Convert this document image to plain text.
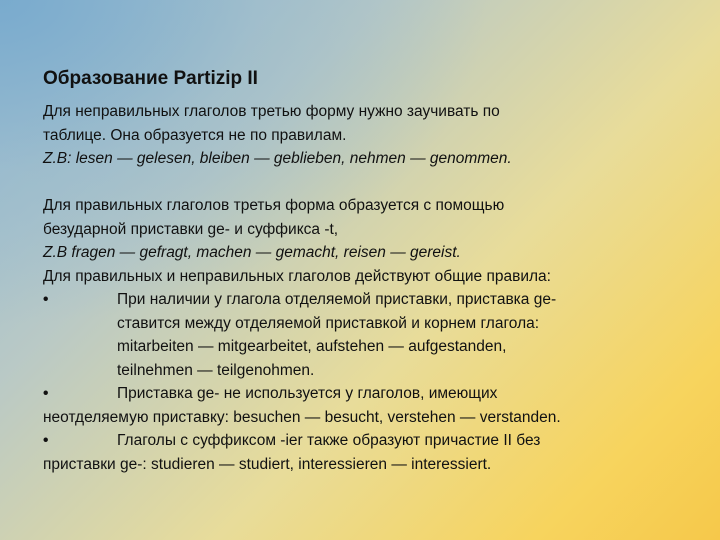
Образование Partizip II

Для неправильных глаголов третью форму нужно заучивать по

таблице. Она образуется не по правилам.

Z.B: lesen — gelesen, bleiben — geblieben, nehmen — genommen.

Для правильных глаголов третья форма образуется с помощью

безударной приставки ge- и суффикса -t,

Z.B fragen — gefragt, machen — gemacht, reisen — gereist.

Для правильных и неправильных глаголов действуют общие правила:

•	При наличии у глагола отделяемой приставки, приставка ge-

ставится между отделяемой приставкой и корнем глагола:

mitarbeiten — mitgearbeitet, aufstehen — aufgestanden,

teilnehmen — teilgenohmen.

•	Приставка ge- не используется у глаголов, имеющих

неотделяемую приставку: besuchen — besucht, verstehen — verstanden.

•	Глаголы с суффиксом -ier также образуют причастие II без

приставки ge-: studieren — studiert, interessieren — interessiert.
